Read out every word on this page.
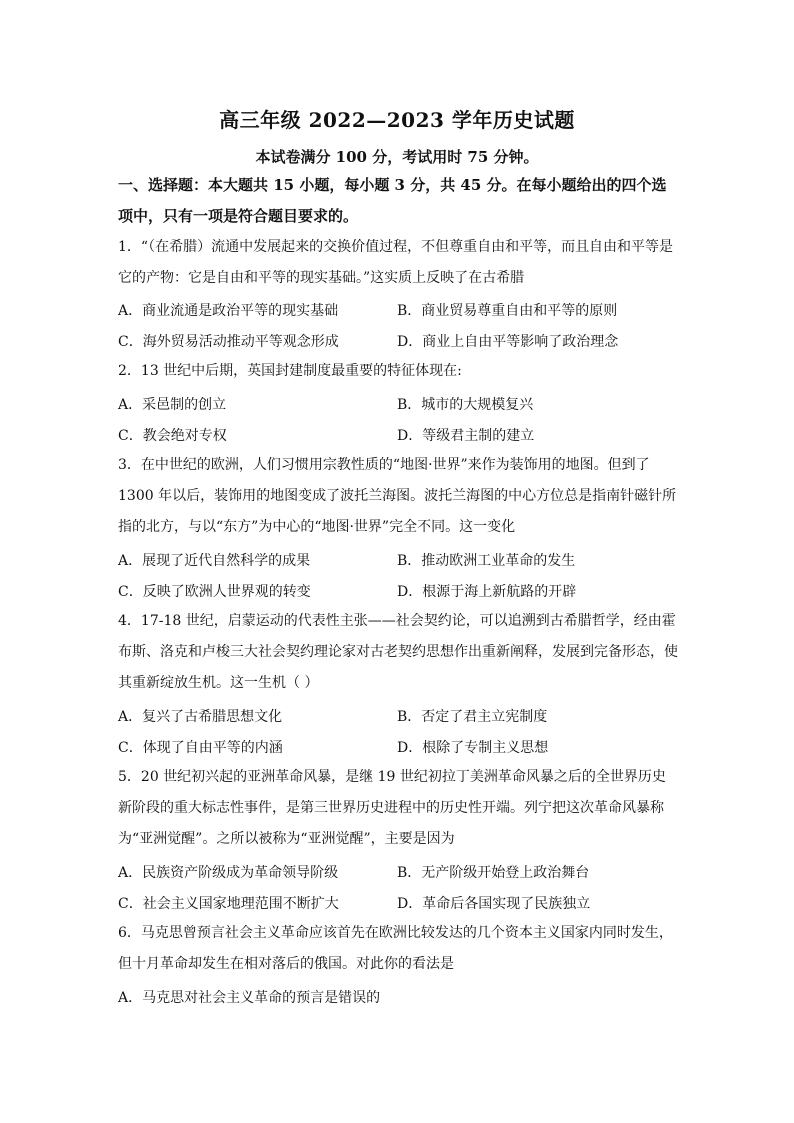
高三年级 2022—2023 学年历史试题
本试卷满分 100 分，考试用时 75 分钟。
一、选择题：本大题共 15 小题，每小题 3 分，共 45 分。在每小题给出的四个选项中，只有一项是符合题目要求的。
1．“（在希腊）流通中发展起来的交换价值过程，不但尊重自由和平等，而且自由和平等是它的产物：它是自由和平等的现实基础。”这实质上反映了在古希腊
A．商业流通是政治平等的现实基础	B．商业贸易尊重自由和平等的原则
C．海外贸易活动推动平等观念形成	D．商业上自由平等影响了政治理念
2．13 世纪中后期，英国封建制度最重要的特征体现在:
A．采邑制的创立	B．城市的大规模复兴
C．教会绝对专权	D．等级君主制的建立
3．在中世纪的欧洲，人们习惯用宗教性质的“地图·世界”来作为装饰用的地图。但到了 1300 年以后，装饰用的地图变成了波托兰海图。波托兰海图的中心方位总是指南针磁针所指的北方，与以“东方”为中心的“地图·世界”完全不同。这一变化
A．展现了近代自然科学的成果	B．推动欧洲工业革命的发生
C．反映了欧洲人世界观的转变	D．根源于海上新航路的开辟
4．17-18 世纪，启蒙运动的代表性主张——社会契约论，可以追溯到古希腊哲学，经由霍布斯、洛克和卢梭三大社会契约理论家对古老契约思想作出重新阐释，发展到完备形态，使其重新绽放生机。这一生机（ ）
A．复兴了古希腊思想文化	B．否定了君主立宪制度
C．体现了自由平等的内涵	D．根除了专制主义思想
5．20 世纪初兴起的亚洲革命风暴，是继 19 世纪初拉丁美洲革命风暴之后的全世界历史新阶段的重大标志性事件，是第三世界历史进程中的历史性开端。列宁把这次革命风暴称为“亚洲觉醒”。之所以被称为“亚洲觉醒”，主要是因为
A．民族资产阶级成为革命领导阶级	B．无产阶级开始登上政治舞台
C．社会主义国家地理范围不断扩大	D．革命后各国实现了民族独立
6．马克思曾预言社会主义革命应该首先在欧洲比较发达的几个资本主义国家内同时发生，但十月革命却发生在相对落后的俄国。对此你的看法是
A．马克思对社会主义革命的预言是错误的
